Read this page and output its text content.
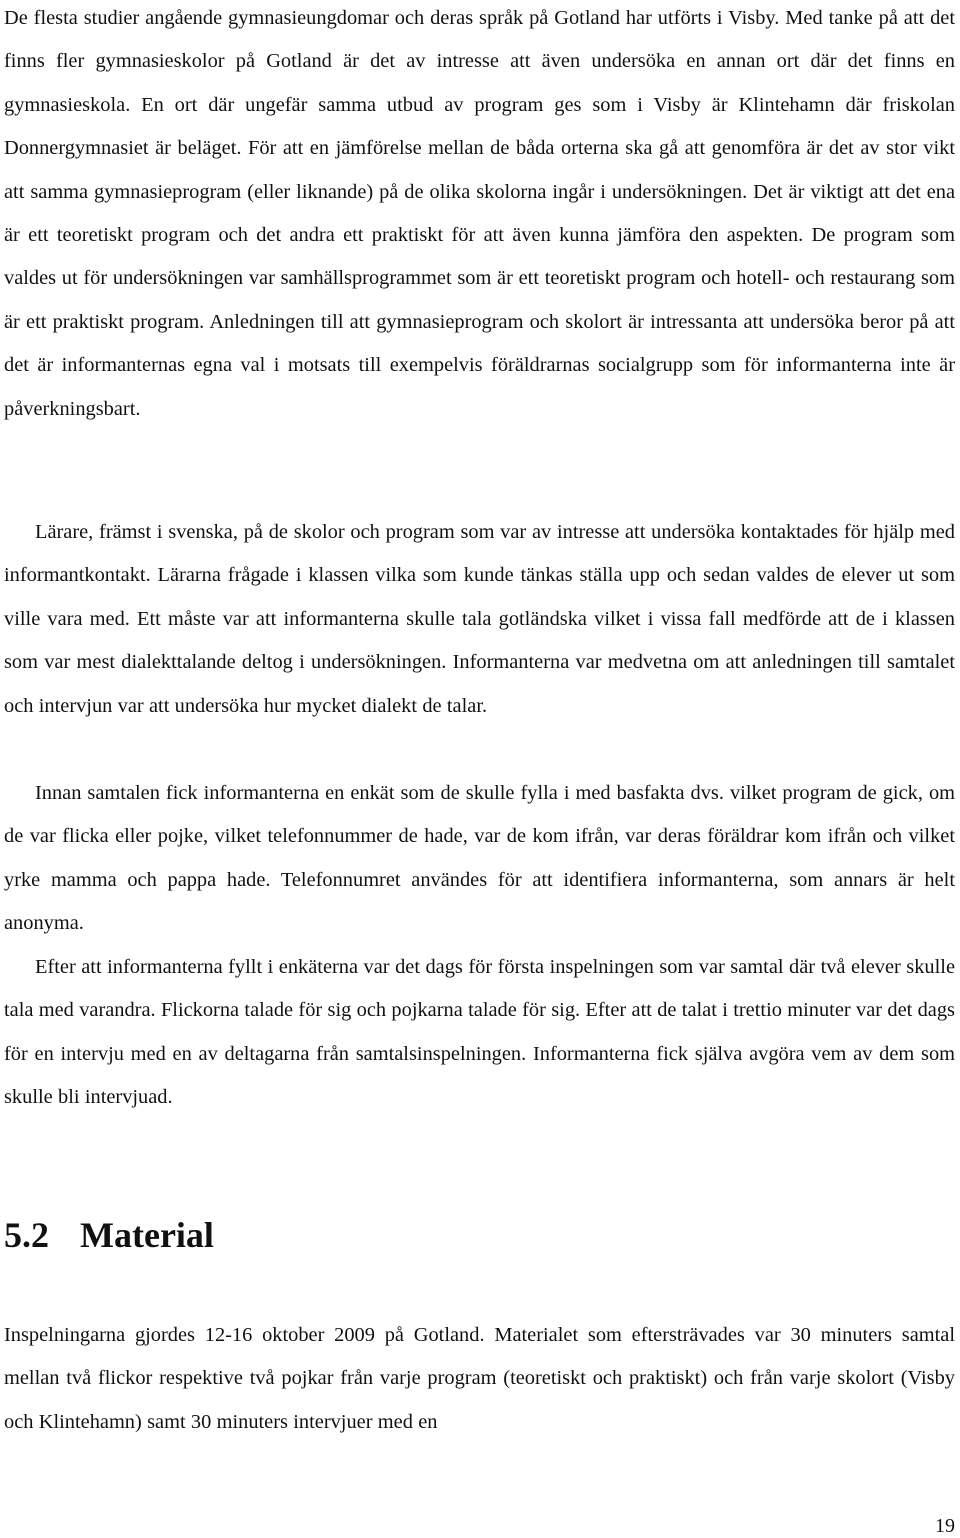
De flesta studier angående gymnasieungdomar och deras språk på Gotland har utförts i Visby. Med tanke på att det finns fler gymnasieskolor på Gotland är det av intresse att även undersöka en annan ort där det finns en gymnasieskola. En ort där ungefär samma utbud av program ges som i Visby är Klintehamn där friskolan Donnergymnasiet är beläget. För att en jämförelse mellan de båda orterna ska gå att genomföra är det av stor vikt att samma gymnasieprogram (eller liknande) på de olika skolorna ingår i undersökningen. Det är viktigt att det ena är ett teoretiskt program och det andra ett praktiskt för att även kunna jämföra den aspekten. De program som valdes ut för undersökningen var samhällsprogrammet som är ett teoretiskt program och hotell- och restaurang som är ett praktiskt program. Anledningen till att gymnasieprogram och skolort är intressanta att undersöka beror på att det är informanternas egna val i motsats till exempelvis föräldrarnas socialgrupp som för informanterna inte är påverkningsbart.

Lärare, främst i svenska, på de skolor och program som var av intresse att undersöka kontaktades för hjälp med informantkontakt. Lärarna frågade i klassen vilka som kunde tänkas ställa upp och sedan valdes de elever ut som ville vara med. Ett måste var att informanterna skulle tala gotländska vilket i vissa fall medförde att de i klassen som var mest dialekttalande deltog i undersökningen. Informanterna var medvetna om att anledningen till samtalet och intervjun var att undersöka hur mycket dialekt de talar.

Innan samtalen fick informanterna en enkät som de skulle fylla i med basfakta dvs. vilket program de gick, om de var flicka eller pojke, vilket telefonnummer de hade, var de kom ifrån, var deras föräldrar kom ifrån och vilket yrke mamma och pappa hade. Telefonnumret användes för att identifiera informanterna, som annars är helt anonyma.

Efter att informanterna fyllt i enkäterna var det dags för första inspelningen som var samtal där två elever skulle tala med varandra. Flickorna talade för sig och pojkarna talade för sig. Efter att de talat i trettio minuter var det dags för en intervju med en av deltagarna från samtalsinspelningen. Informanterna fick själva avgöra vem av dem som skulle bli intervjuad.

5.2 Material

Inspelningarna gjordes 12-16 oktober 2009 på Gotland. Materialet som eftersträvades var 30 minuters samtal mellan två flickor respektive två pojkar från varje program (teoretiskt och praktiskt) och från varje skolort (Visby och Klintehamn) samt 30 minuters intervjuer med en

19
